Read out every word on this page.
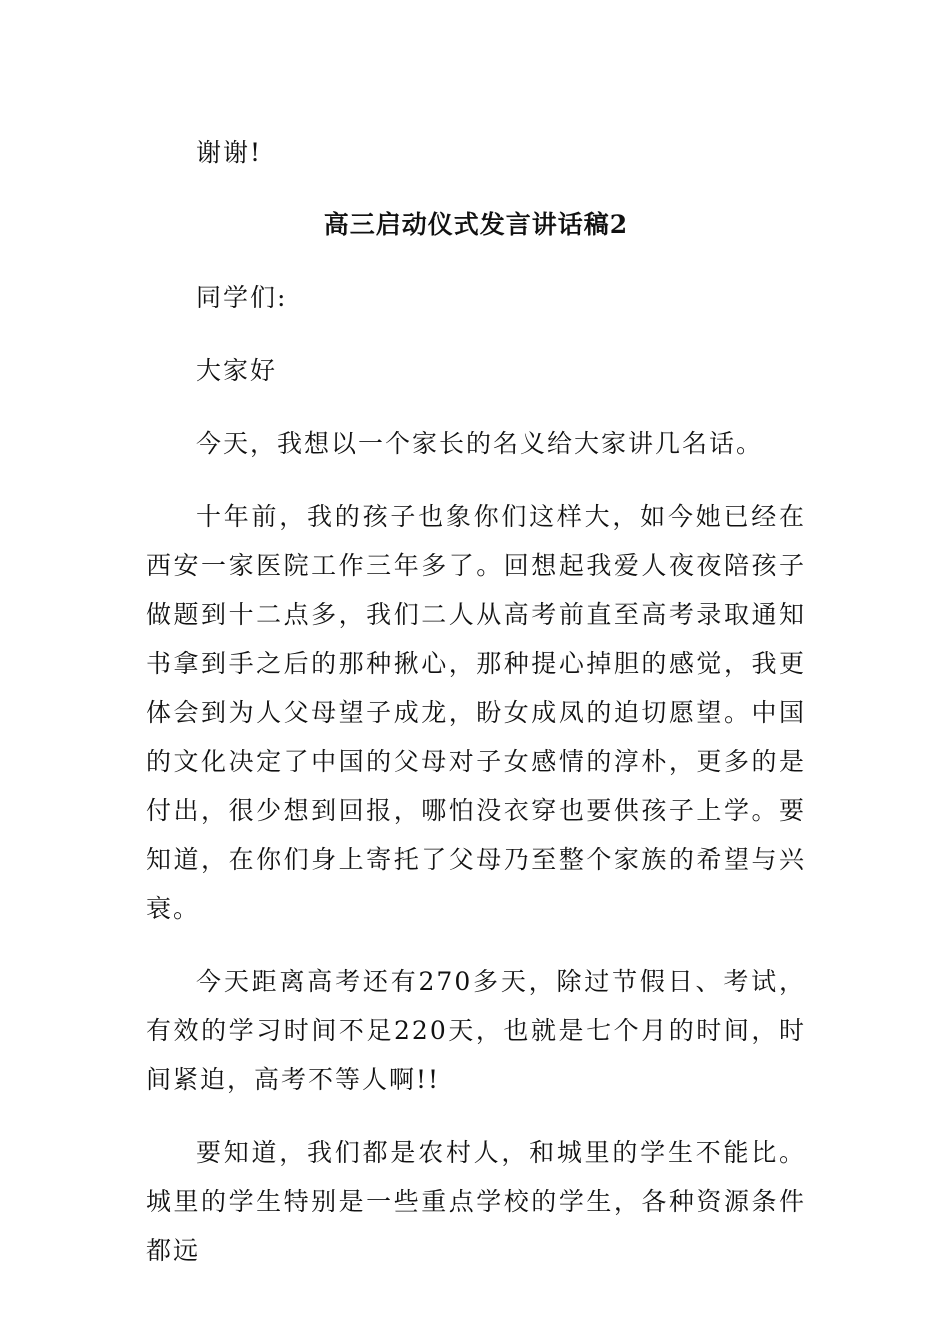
谢谢!

高三启动仪式发言讲话稿2

同学们:

大家好

今天，我想以一个家长的名义给大家讲几名话。

十年前，我的孩子也象你们这样大，如今她已经在西安一家医院工作三年多了。回想起我爱人夜夜陪孩子做题到十二点多，我们二人从高考前直至高考录取通知书拿到手之后的那种揪心，那种提心掉胆的感觉，我更体会到为人父母望子成龙，盼女成凤的迫切愿望。中国的文化决定了中国的父母对子女感情的淳朴，更多的是付出，很少想到回报，哪怕没衣穿也要供孩子上学。要知道，在你们身上寄托了父母乃至整个家族的希望与兴衰。

今天距离高考还有270多天，除过节假日、考试，有效的学习时间不足220天，也就是七个月的时间，时间紧迫，高考不等人啊!!

要知道，我们都是农村人，和城里的学生不能比。城里的学生特别是一些重点学校的学生，各种资源条件都远
